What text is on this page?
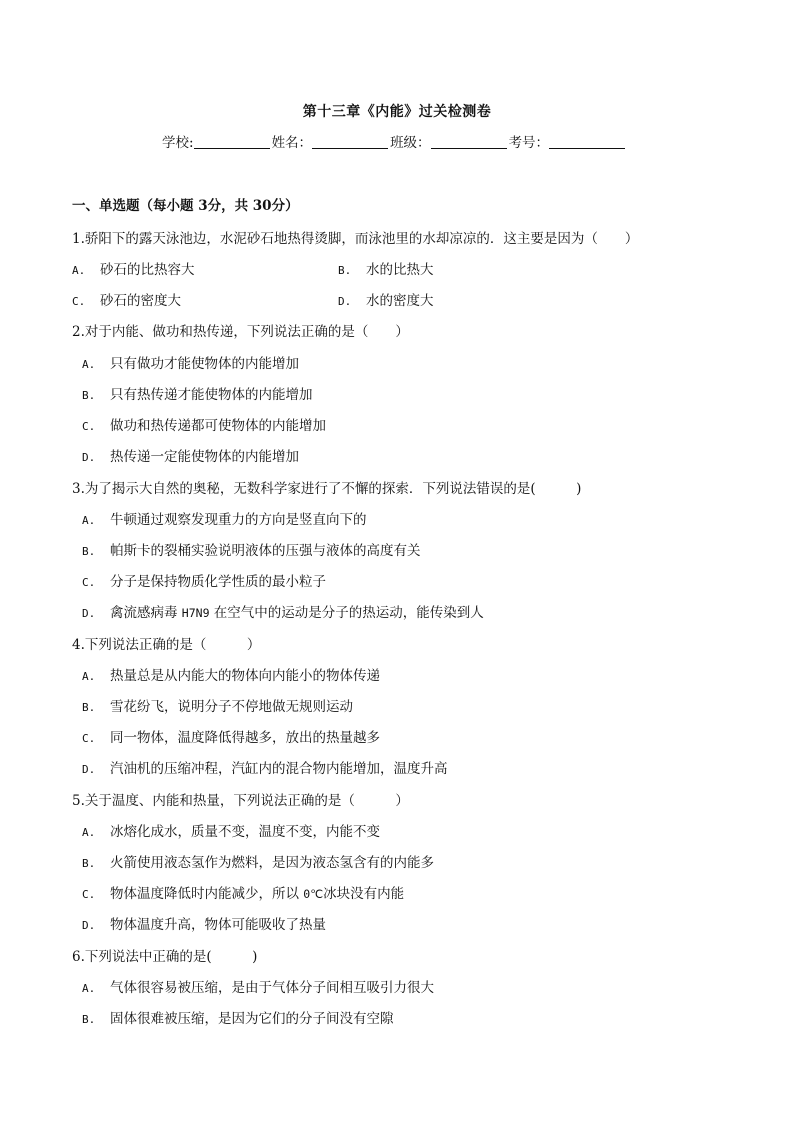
第十三章《内能》过关检测卷
学校:	姓名：	班级：	考号：
一、单选题（每小题 3分，共 30分）
1.骄阳下的露天泳池边，水泥砂石地热得烫脚，而泳池里的水却凉凉的．这主要是因为（　　）
A. 砂石的比热容大	B. 水的比热大
C. 砂石的密度大	D. 水的密度大
2.对于内能、做功和热传递，下列说法正确的是（　　）
A. 只有做功才能使物体的内能增加
B. 只有热传递才能使物体的内能增加
C. 做功和热传递都可使物体的内能增加
D. 热传递一定能使物体的内能增加
3.为了揭示大自然的奥秘，无数科学家进行了不懈的探索．下列说法错误的是(　　　)
A. 牛顿通过观察发现重力的方向是竖直向下的
B. 帕斯卡的裂桶实验说明液体的压强与液体的高度有关
C. 分子是保持物质化学性质的最小粒子
D. 禽流感病毒 H7N9 在空气中的运动是分子的热运动，能传染到人
4.下列说法正确的是（　　　）
A. 热量总是从内能大的物体向内能小的物体传递
B. 雪花纷飞，说明分子不停地做无规则运动
C. 同一物体，温度降低得越多，放出的热量越多
D. 汽油机的压缩冲程，汽缸内的混合物内能增加，温度升高
5.关于温度、内能和热量，下列说法正确的是（　　　）
A. 冰熔化成水，质量不变，温度不变，内能不变
B. 火箭使用液态氢作为燃料，是因为液态氢含有的内能多
C. 物体温度降低时内能减少，所以 0℃冰块没有内能
D. 物体温度升高，物体可能吸收了热量
6.下列说法中正确的是(　　　)
A. 气体很容易被压缩，是由于气体分子间相互吸引力很大
B. 固体很难被压缩，是因为它们的分子间没有空隙
